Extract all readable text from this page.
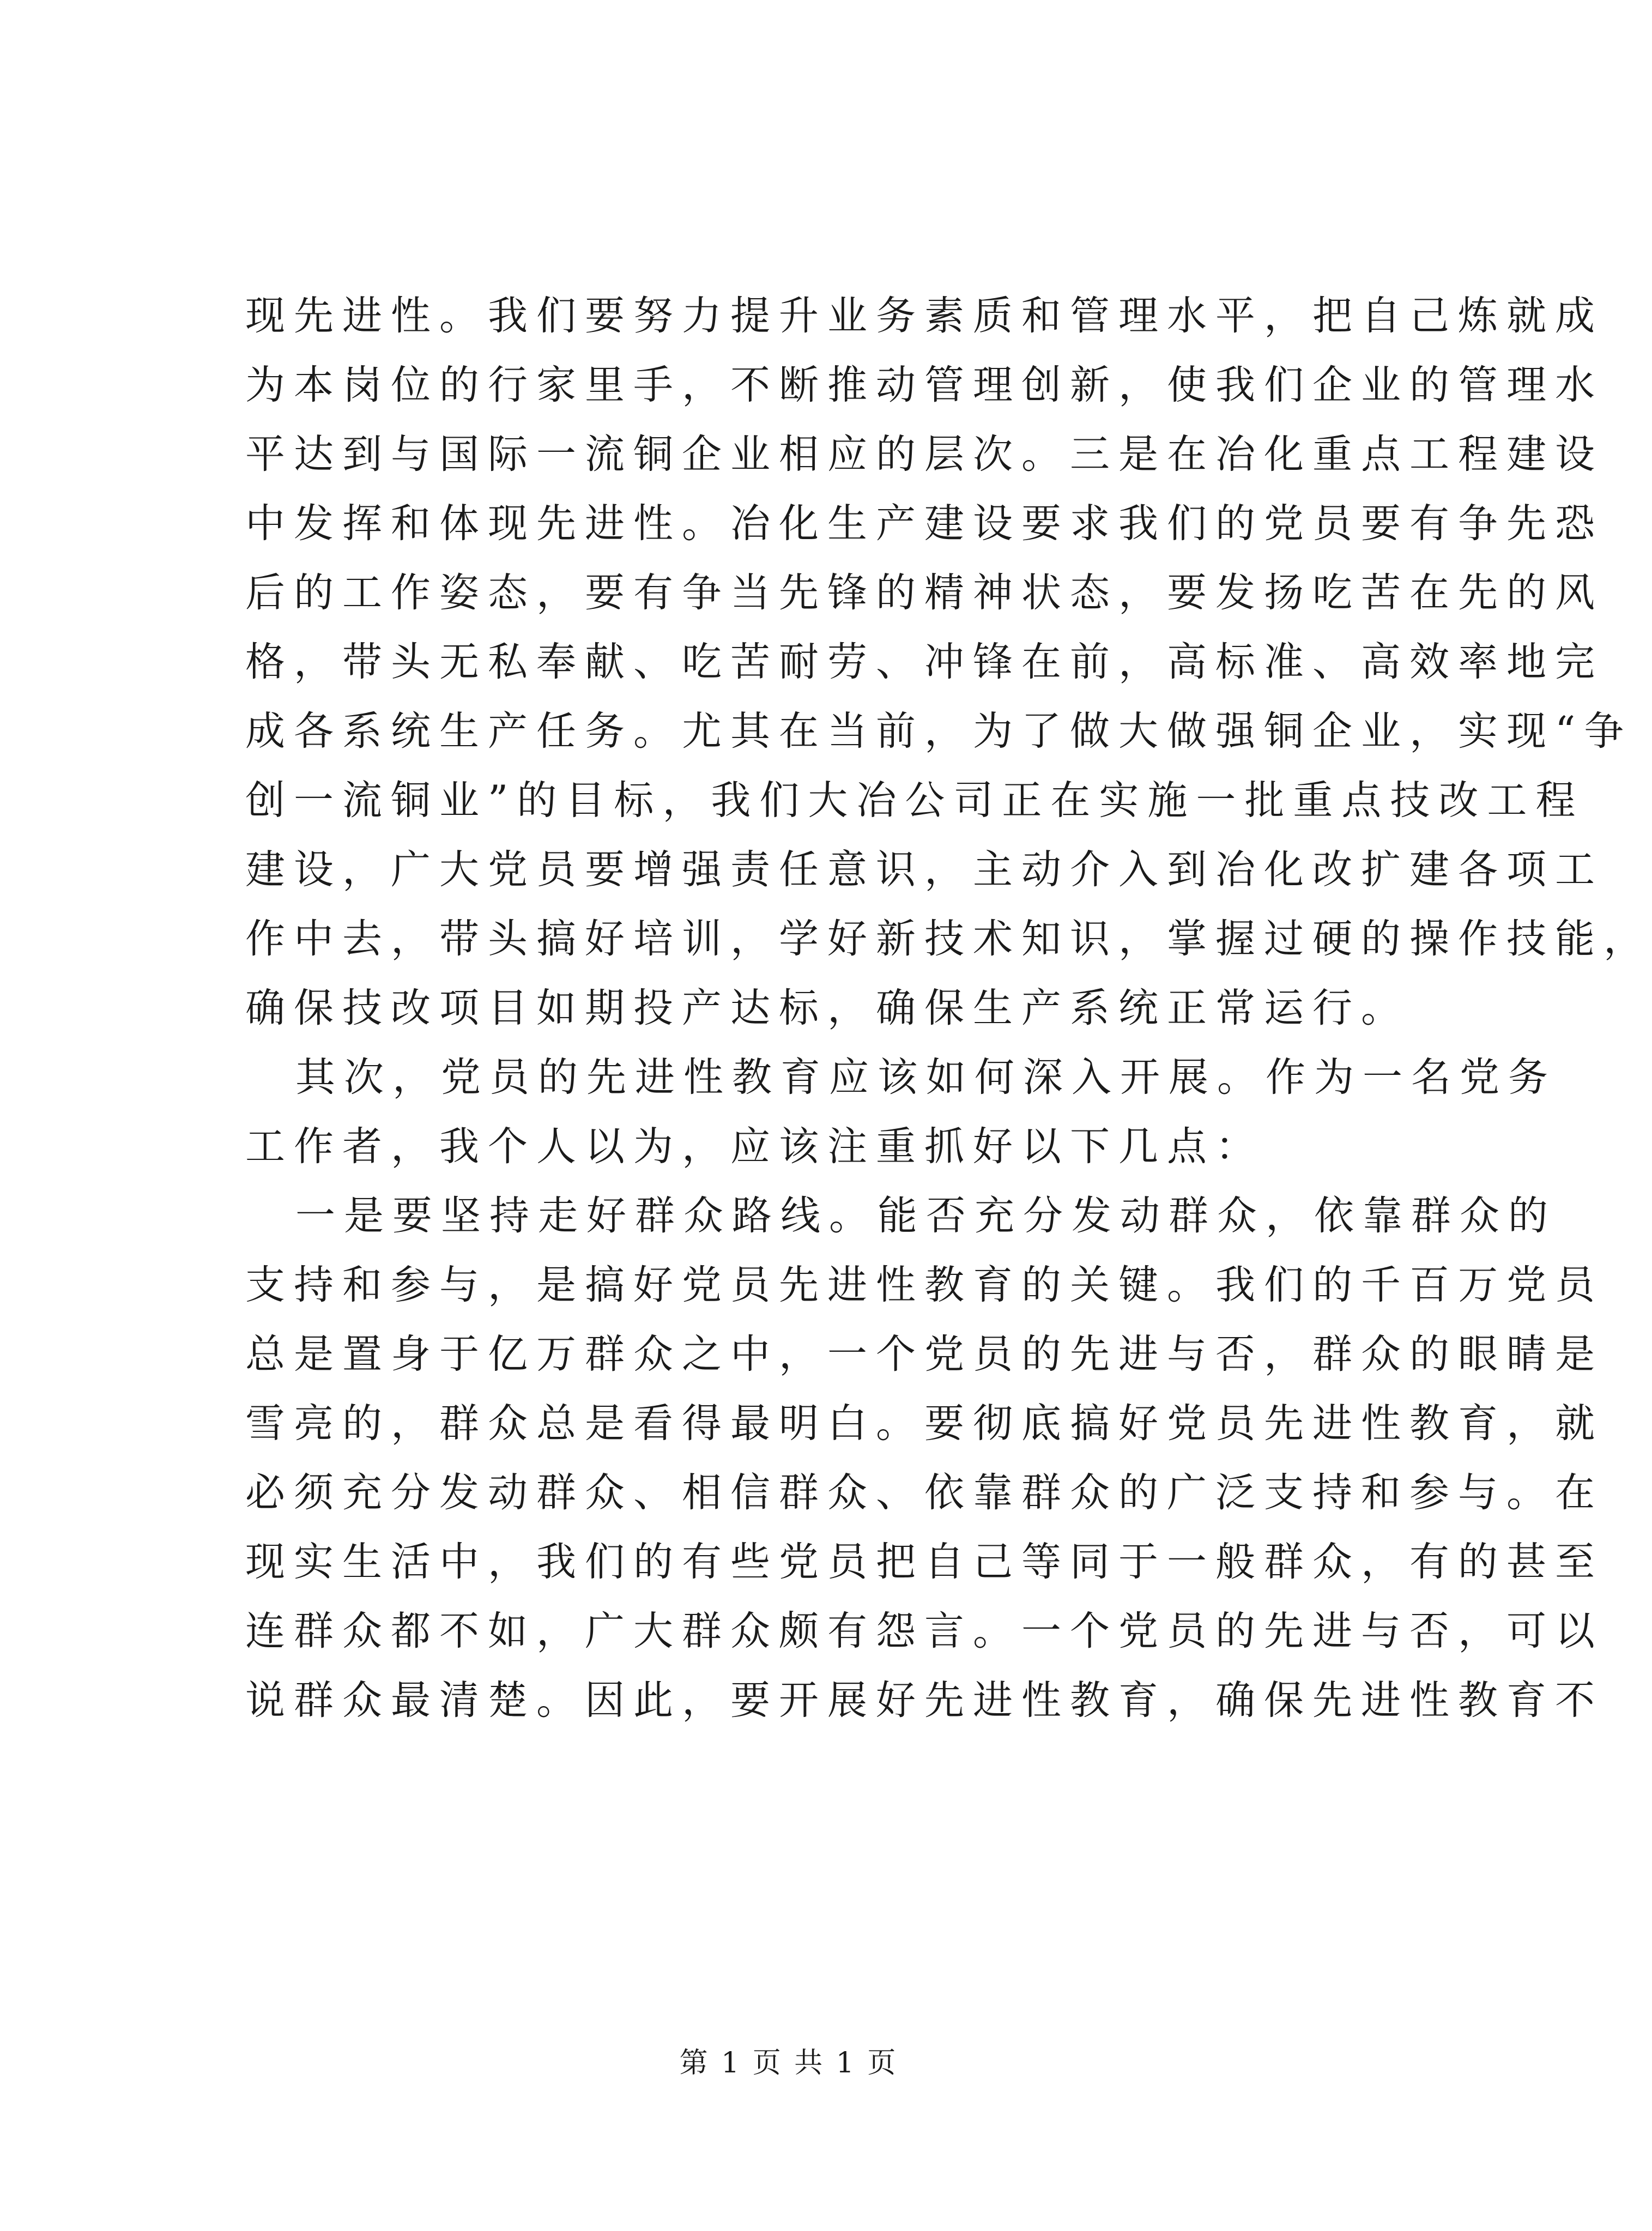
现先进性。我们要努力提升业务素质和管理水平，把自己炼就成
为本岗位的行家里手，不断推动管理创新，使我们企业的管理水
平达到与国际一流铜企业相应的层次。三是在冶化重点工程建设
中发挥和体现先进性。冶化生产建设要求我们的党员要有争先恐
后的工作姿态，要有争当先锋的精神状态，要发扬吃苦在先的风
格，带头无私奉献、吃苦耐劳、冲锋在前，高标准、高效率地完
成各系统生产任务。尤其在当前，为了做大做强铜企业，实现“争
创一流铜业”的目标，我们大冶公司正在实施一批重点技改工程
建设，广大党员要增强责任意识，主动介入到冶化改扩建各项工
作中去，带头搞好培训，学好新技术知识，掌握过硬的操作技能，
确保技改项目如期投产达标，确保生产系统正常运行。
其次，党员的先进性教育应该如何深入开展。作为一名党务
工作者，我个人以为，应该注重抓好以下几点：
一是要坚持走好群众路线。能否充分发动群众，依靠群众的
支持和参与，是搞好党员先进性教育的关键。我们的千百万党员
总是置身于亿万群众之中，一个党员的先进与否，群众的眼睛是
雪亮的，群众总是看得最明白。要彻底搞好党员先进性教育，就
必须充分发动群众、相信群众、依靠群众的广泛支持和参与。在
现实生活中，我们的有些党员把自己等同于一般群众，有的甚至
连群众都不如，广大群众颇有怨言。一个党员的先进与否，可以
说群众最清楚。因此，要开展好先进性教育，确保先进性教育不
第 1 页 共 1 页
